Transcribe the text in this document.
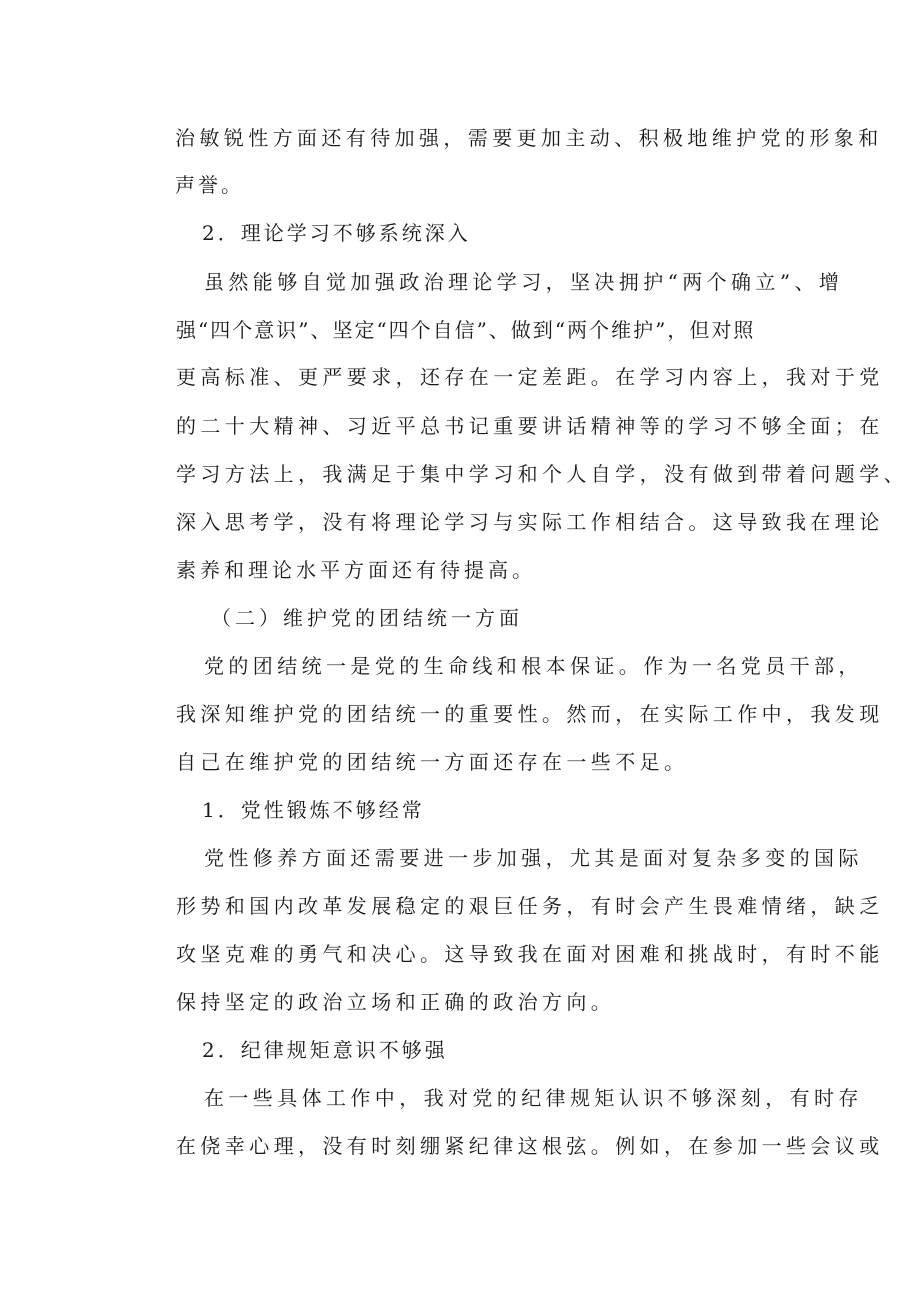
治敏锐性方面还有待加强，需要更加主动、积极地维护党的形象和
声誉。
2．理论学习不够系统深入
虽然能够自觉加强政治理论学习，坚决拥护“两个确立”、增
强“四个意识”、坚定“四个自信”、做到“两个维护”，但对照
更高标准、更严要求，还存在一定差距。在学习内容上，我对于党
的二十大精神、习近平总书记重要讲话精神等的学习不够全面；在
学习方法上，我满足于集中学习和个人自学，没有做到带着问题学、
深入思考学，没有将理论学习与实际工作相结合。这导致我在理论
素养和理论水平方面还有待提高。
（二）维护党的团结统一方面
党的团结统一是党的生命线和根本保证。作为一名党员干部，
我深知维护党的团结统一的重要性。然而，在实际工作中，我发现
自己在维护党的团结统一方面还存在一些不足。
1．党性锻炼不够经常
党性修养方面还需要进一步加强，尤其是面对复杂多变的国际
形势和国内改革发展稳定的艰巨任务，有时会产生畏难情绪，缺乏
攻坚克难的勇气和决心。这导致我在面对困难和挑战时，有时不能
保持坚定的政治立场和正确的政治方向。
2．纪律规矩意识不够强
在一些具体工作中，我对党的纪律规矩认识不够深刻，有时存
在侥幸心理，没有时刻绷紧纪律这根弦。例如，在参加一些会议或
